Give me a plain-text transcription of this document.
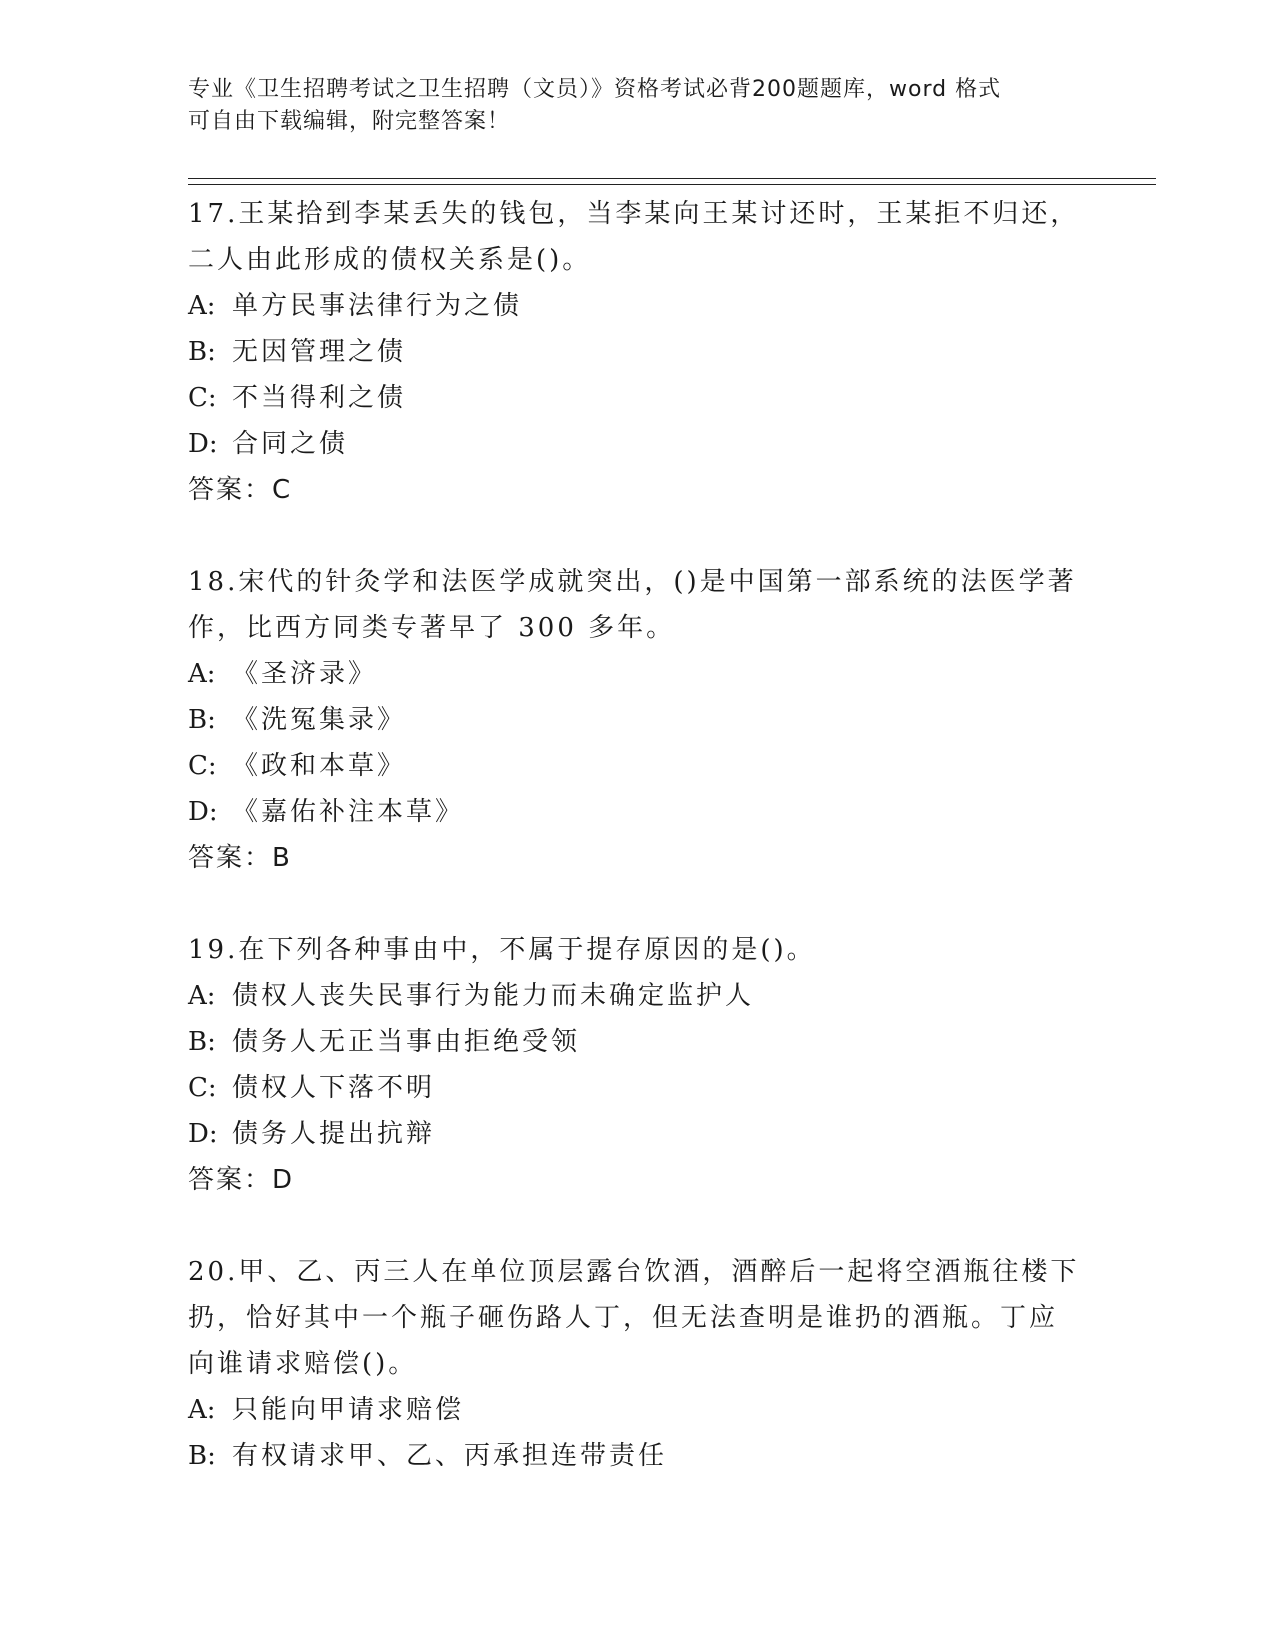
专业《卫生招聘考试之卫生招聘（文员）》资格考试必背200题题库，word 格式
可自由下载编辑，附完整答案！
17.王某拾到李某丢失的钱包，当李某向王某讨还时，王某拒不归还，
二人由此形成的债权关系是()。
A: 单方民事法律行为之债
B: 无因管理之债
C: 不当得利之债
D: 合同之债
答案：C
18.宋代的针灸学和法医学成就突出，()是中国第一部系统的法医学著
作，比西方同类专著早了 300 多年。
A: 《圣济录》
B: 《洗冤集录》
C: 《政和本草》
D: 《嘉佑补注本草》
答案：B
19.在下列各种事由中，不属于提存原因的是()。
A: 债权人丧失民事行为能力而未确定监护人
B: 债务人无正当事由拒绝受领
C: 债权人下落不明
D: 债务人提出抗辩
答案：D
20.甲、乙、丙三人在单位顶层露台饮酒，酒醉后一起将空酒瓶往楼下
扔，恰好其中一个瓶子砸伤路人丁，但无法查明是谁扔的酒瓶。丁应
向谁请求赔偿()。
A: 只能向甲请求赔偿
B: 有权请求甲、乙、丙承担连带责任
